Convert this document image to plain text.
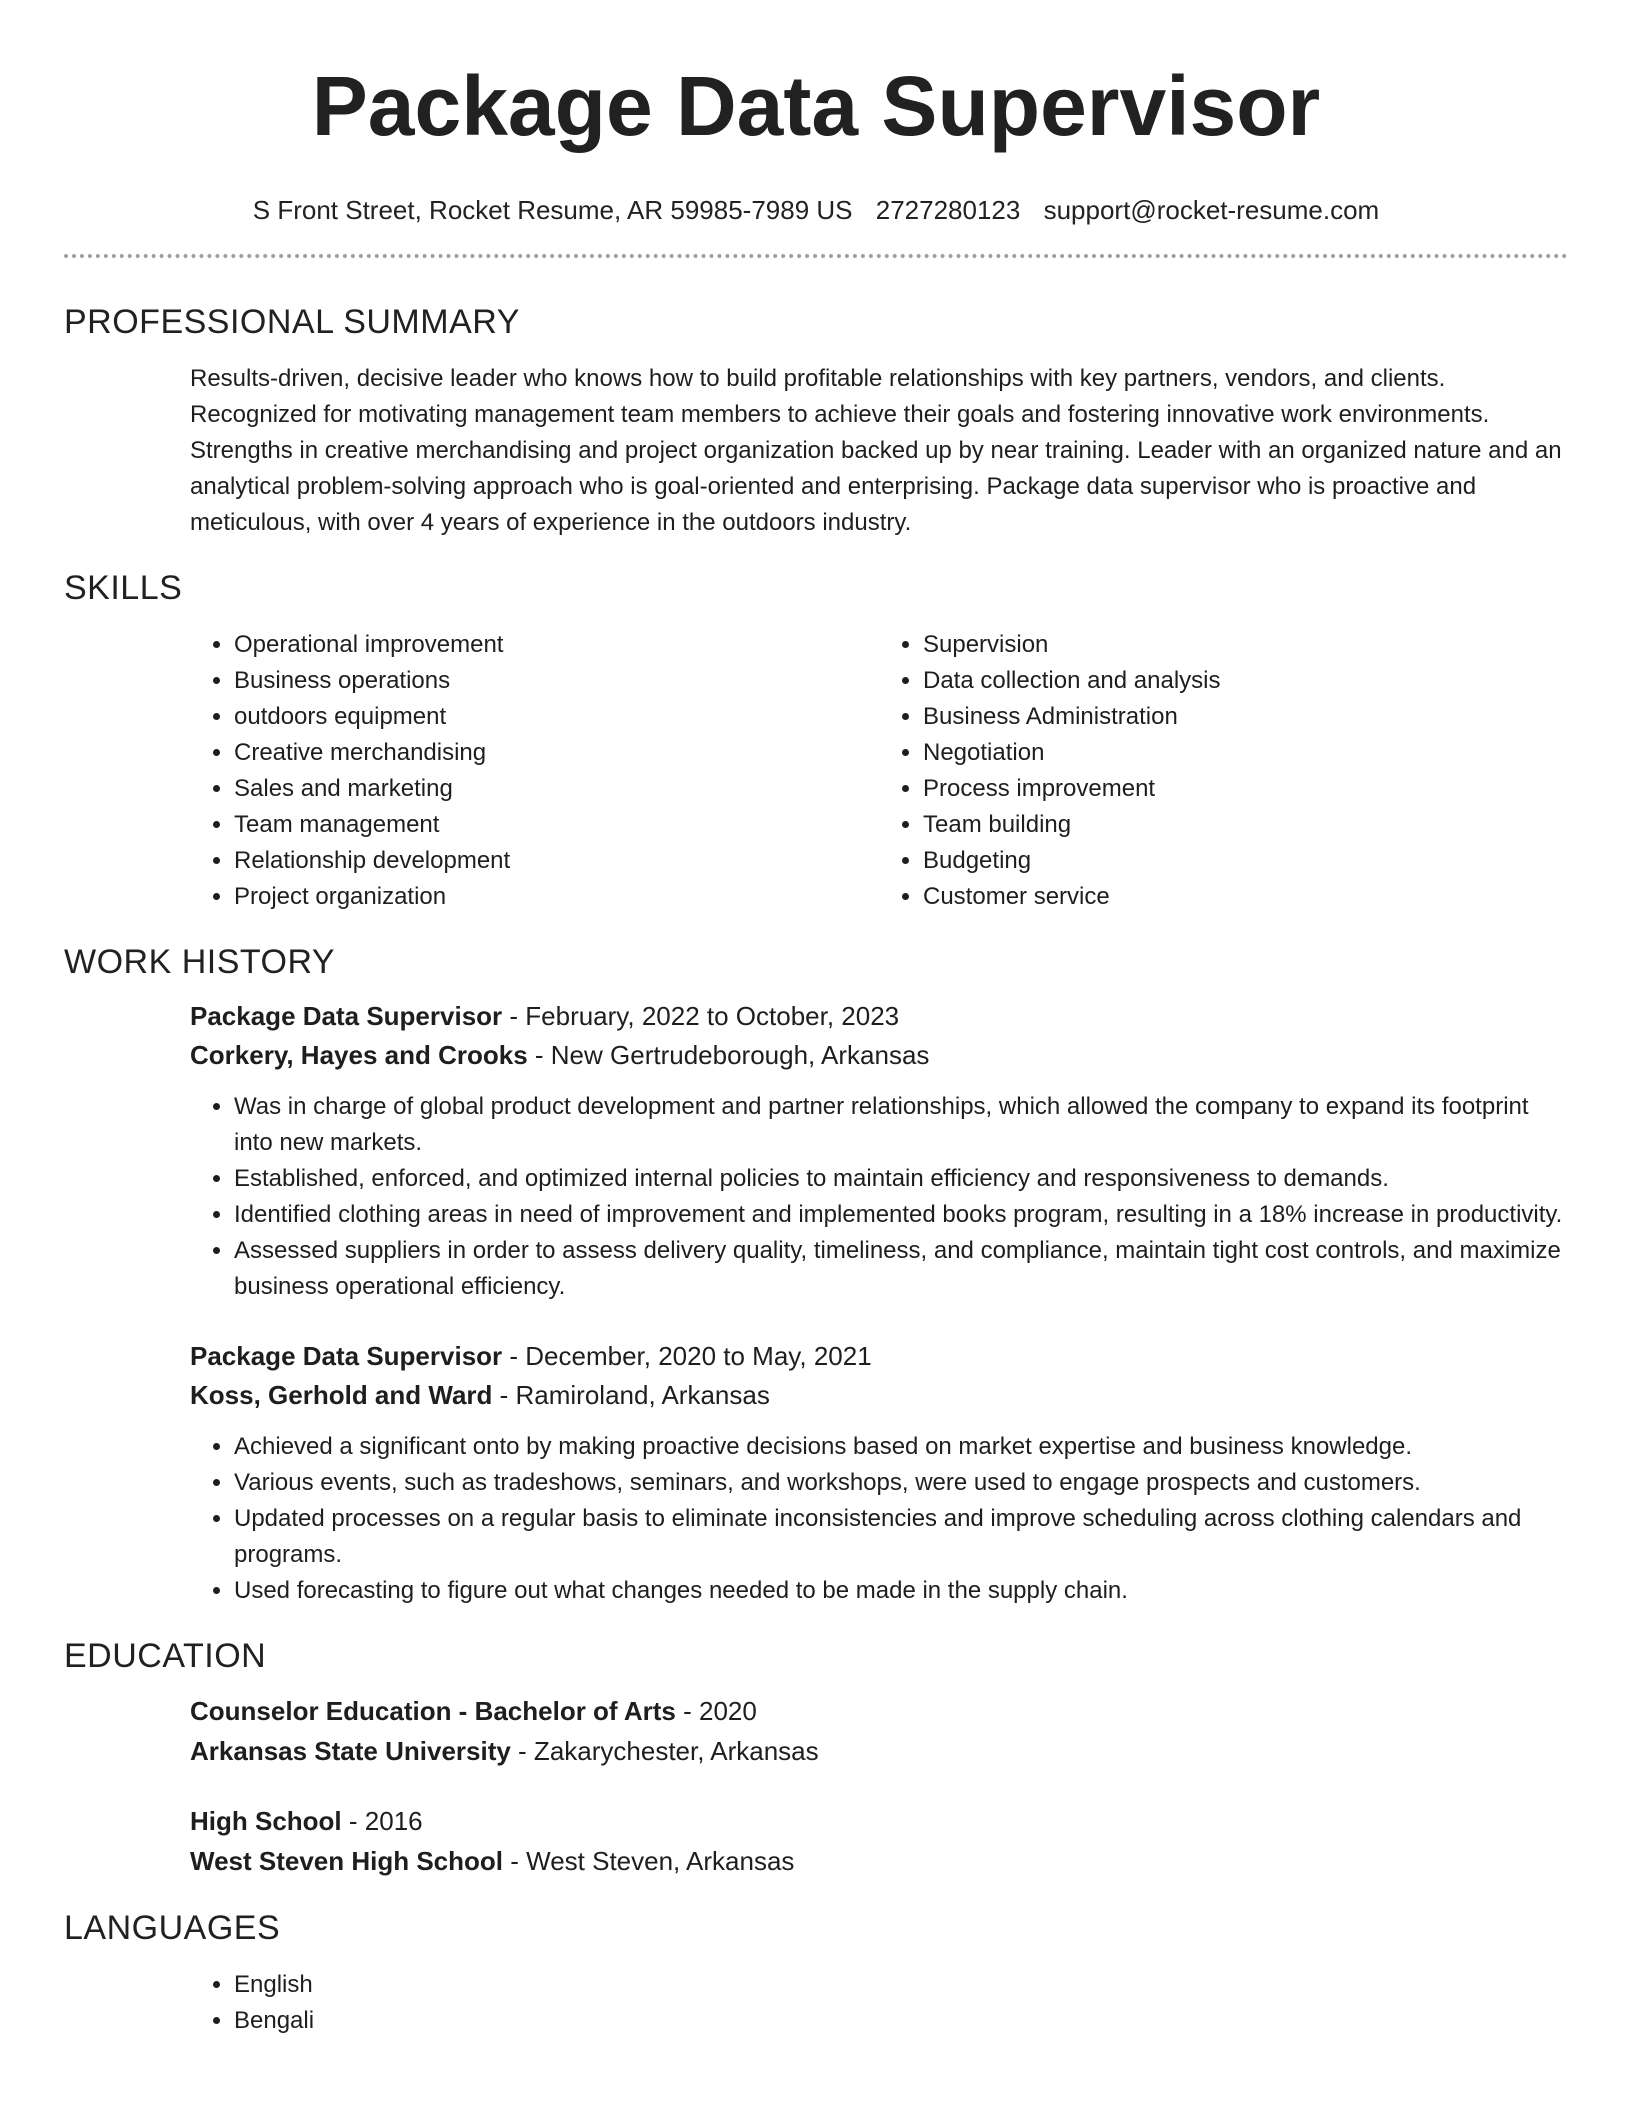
Package Data Supervisor
S Front Street, Rocket Resume, AR 59985-7989 US 2727280123 support@rocket-resume.com
PROFESSIONAL SUMMARY
Results-driven, decisive leader who knows how to build profitable relationships with key partners, vendors, and clients. Recognized for motivating management team members to achieve their goals and fostering innovative work environments. Strengths in creative merchandising and project organization backed up by near training. Leader with an organized nature and an analytical problem-solving approach who is goal-oriented and enterprising. Package data supervisor who is proactive and meticulous, with over 4 years of experience in the outdoors industry.
SKILLS
• Operational improvement
• Business operations
• outdoors equipment
• Creative merchandising
• Sales and marketing
• Team management
• Relationship development
• Project organization
• Supervision
• Data collection and analysis
• Business Administration
• Negotiation
• Process improvement
• Team building
• Budgeting
• Customer service
WORK HISTORY
Package Data Supervisor - February, 2022 to October, 2023
Corkery, Hayes and Crooks - New Gertrudeborough, Arkansas
• Was in charge of global product development and partner relationships, which allowed the company to expand its footprint into new markets.
• Established, enforced, and optimized internal policies to maintain efficiency and responsiveness to demands.
• Identified clothing areas in need of improvement and implemented books program, resulting in a 18% increase in productivity.
• Assessed suppliers in order to assess delivery quality, timeliness, and compliance, maintain tight cost controls, and maximize business operational efficiency.
Package Data Supervisor - December, 2020 to May, 2021
Koss, Gerhold and Ward - Ramiroland, Arkansas
• Achieved a significant onto by making proactive decisions based on market expertise and business knowledge.
• Various events, such as tradeshows, seminars, and workshops, were used to engage prospects and customers.
• Updated processes on a regular basis to eliminate inconsistencies and improve scheduling across clothing calendars and programs.
• Used forecasting to figure out what changes needed to be made in the supply chain.
EDUCATION
Counselor Education - Bachelor of Arts - 2020
Arkansas State University - Zakarychester, Arkansas
High School - 2016
West Steven High School - West Steven, Arkansas
LANGUAGES
• English
• Bengali
